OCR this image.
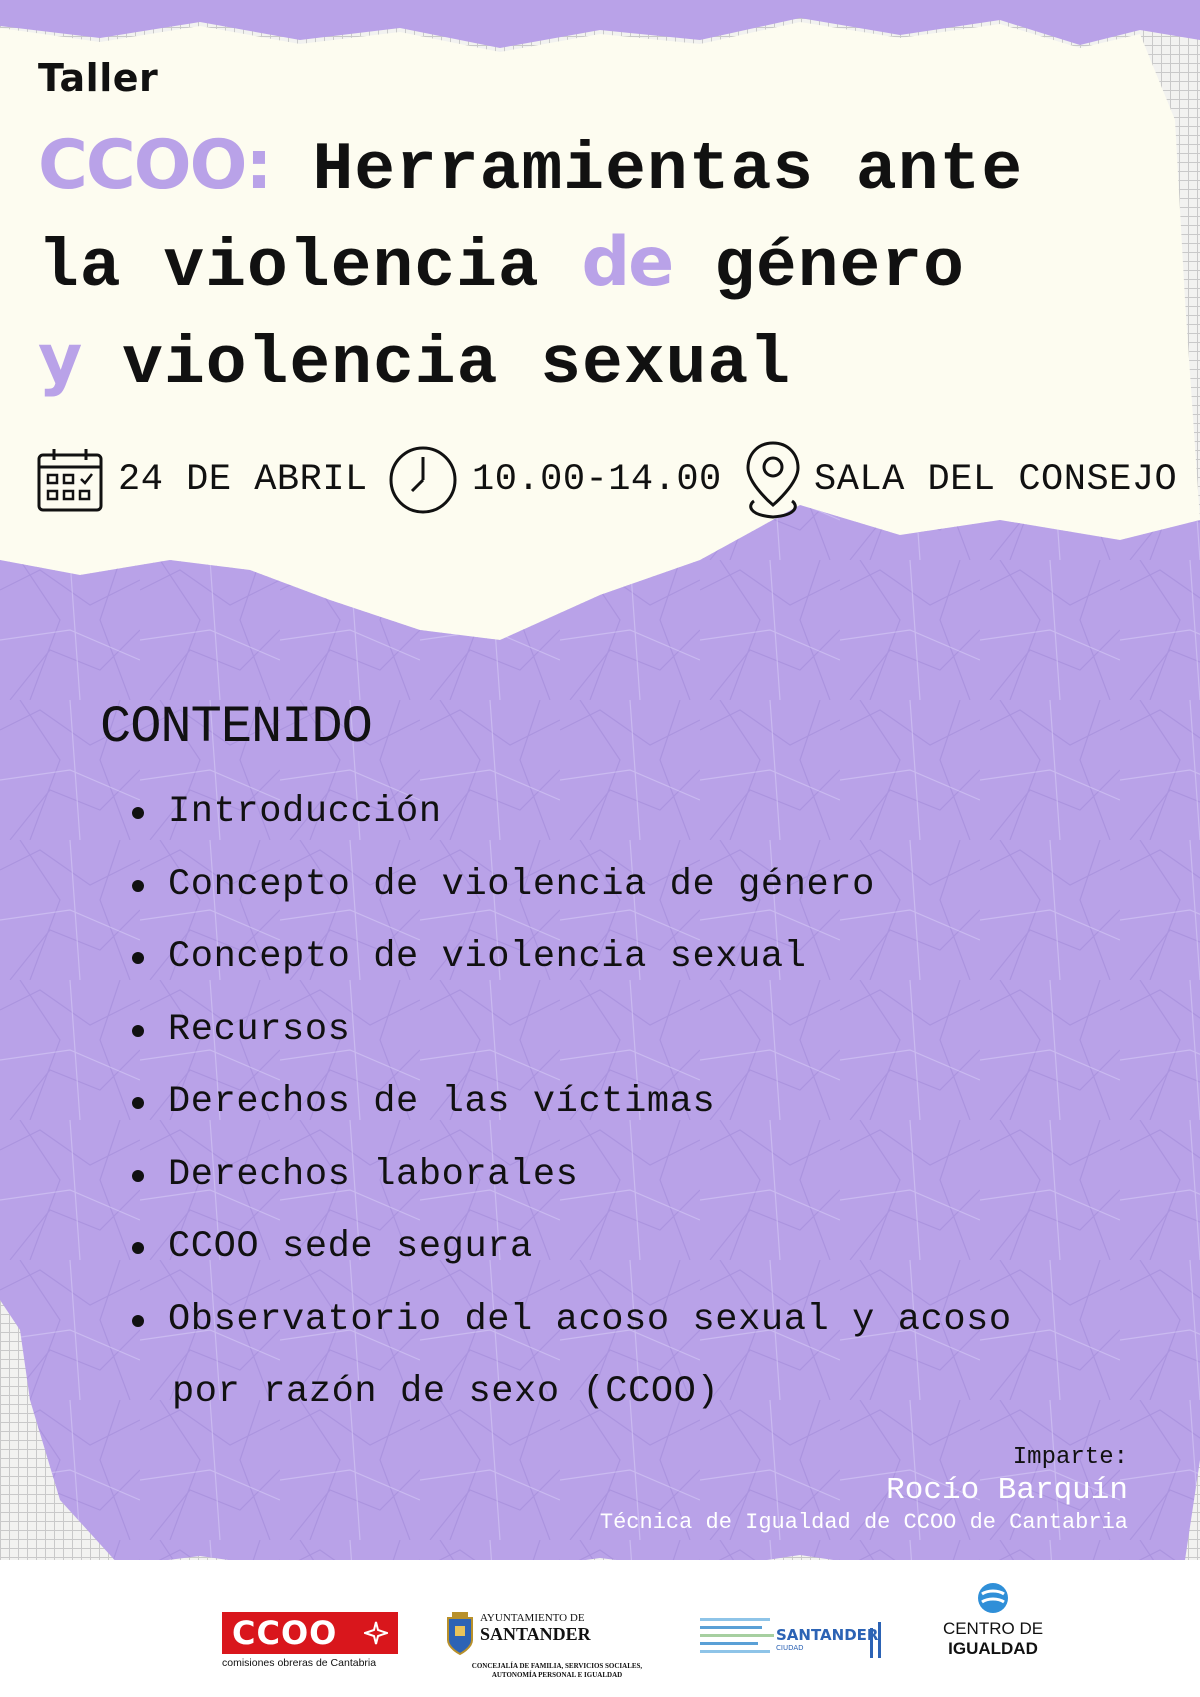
Taller
CCOO: Herramientas ante
la violencia de género
y violencia sexual
24 DE ABRIL	10.00-14.00 SALA DEL CONSEJO
CONTENIDO
Introducción
Concepto de violencia de género
Concepto de violencia sexual
Recursos
Derechos de las víctimas
Derechos laborales
CCOO sede segura
Observatorio del acoso sexual y acoso
por razón de sexo (CCOO)
Imparte:
Rocío Barquín
Técnica de Igualdad de CCOO de Cantabria
CCOO
comisiones obreras de Cantabria
AYUNTAMIENTO DE
SANTANDER
CONCEJALÍA DE FAMILIA, SERVICIOS SOCIALES,
AUTONOMÍA PERSONAL E IGUALDAD
SANTANDER
CIUDAD
CENTRO DE
IGUALDAD
